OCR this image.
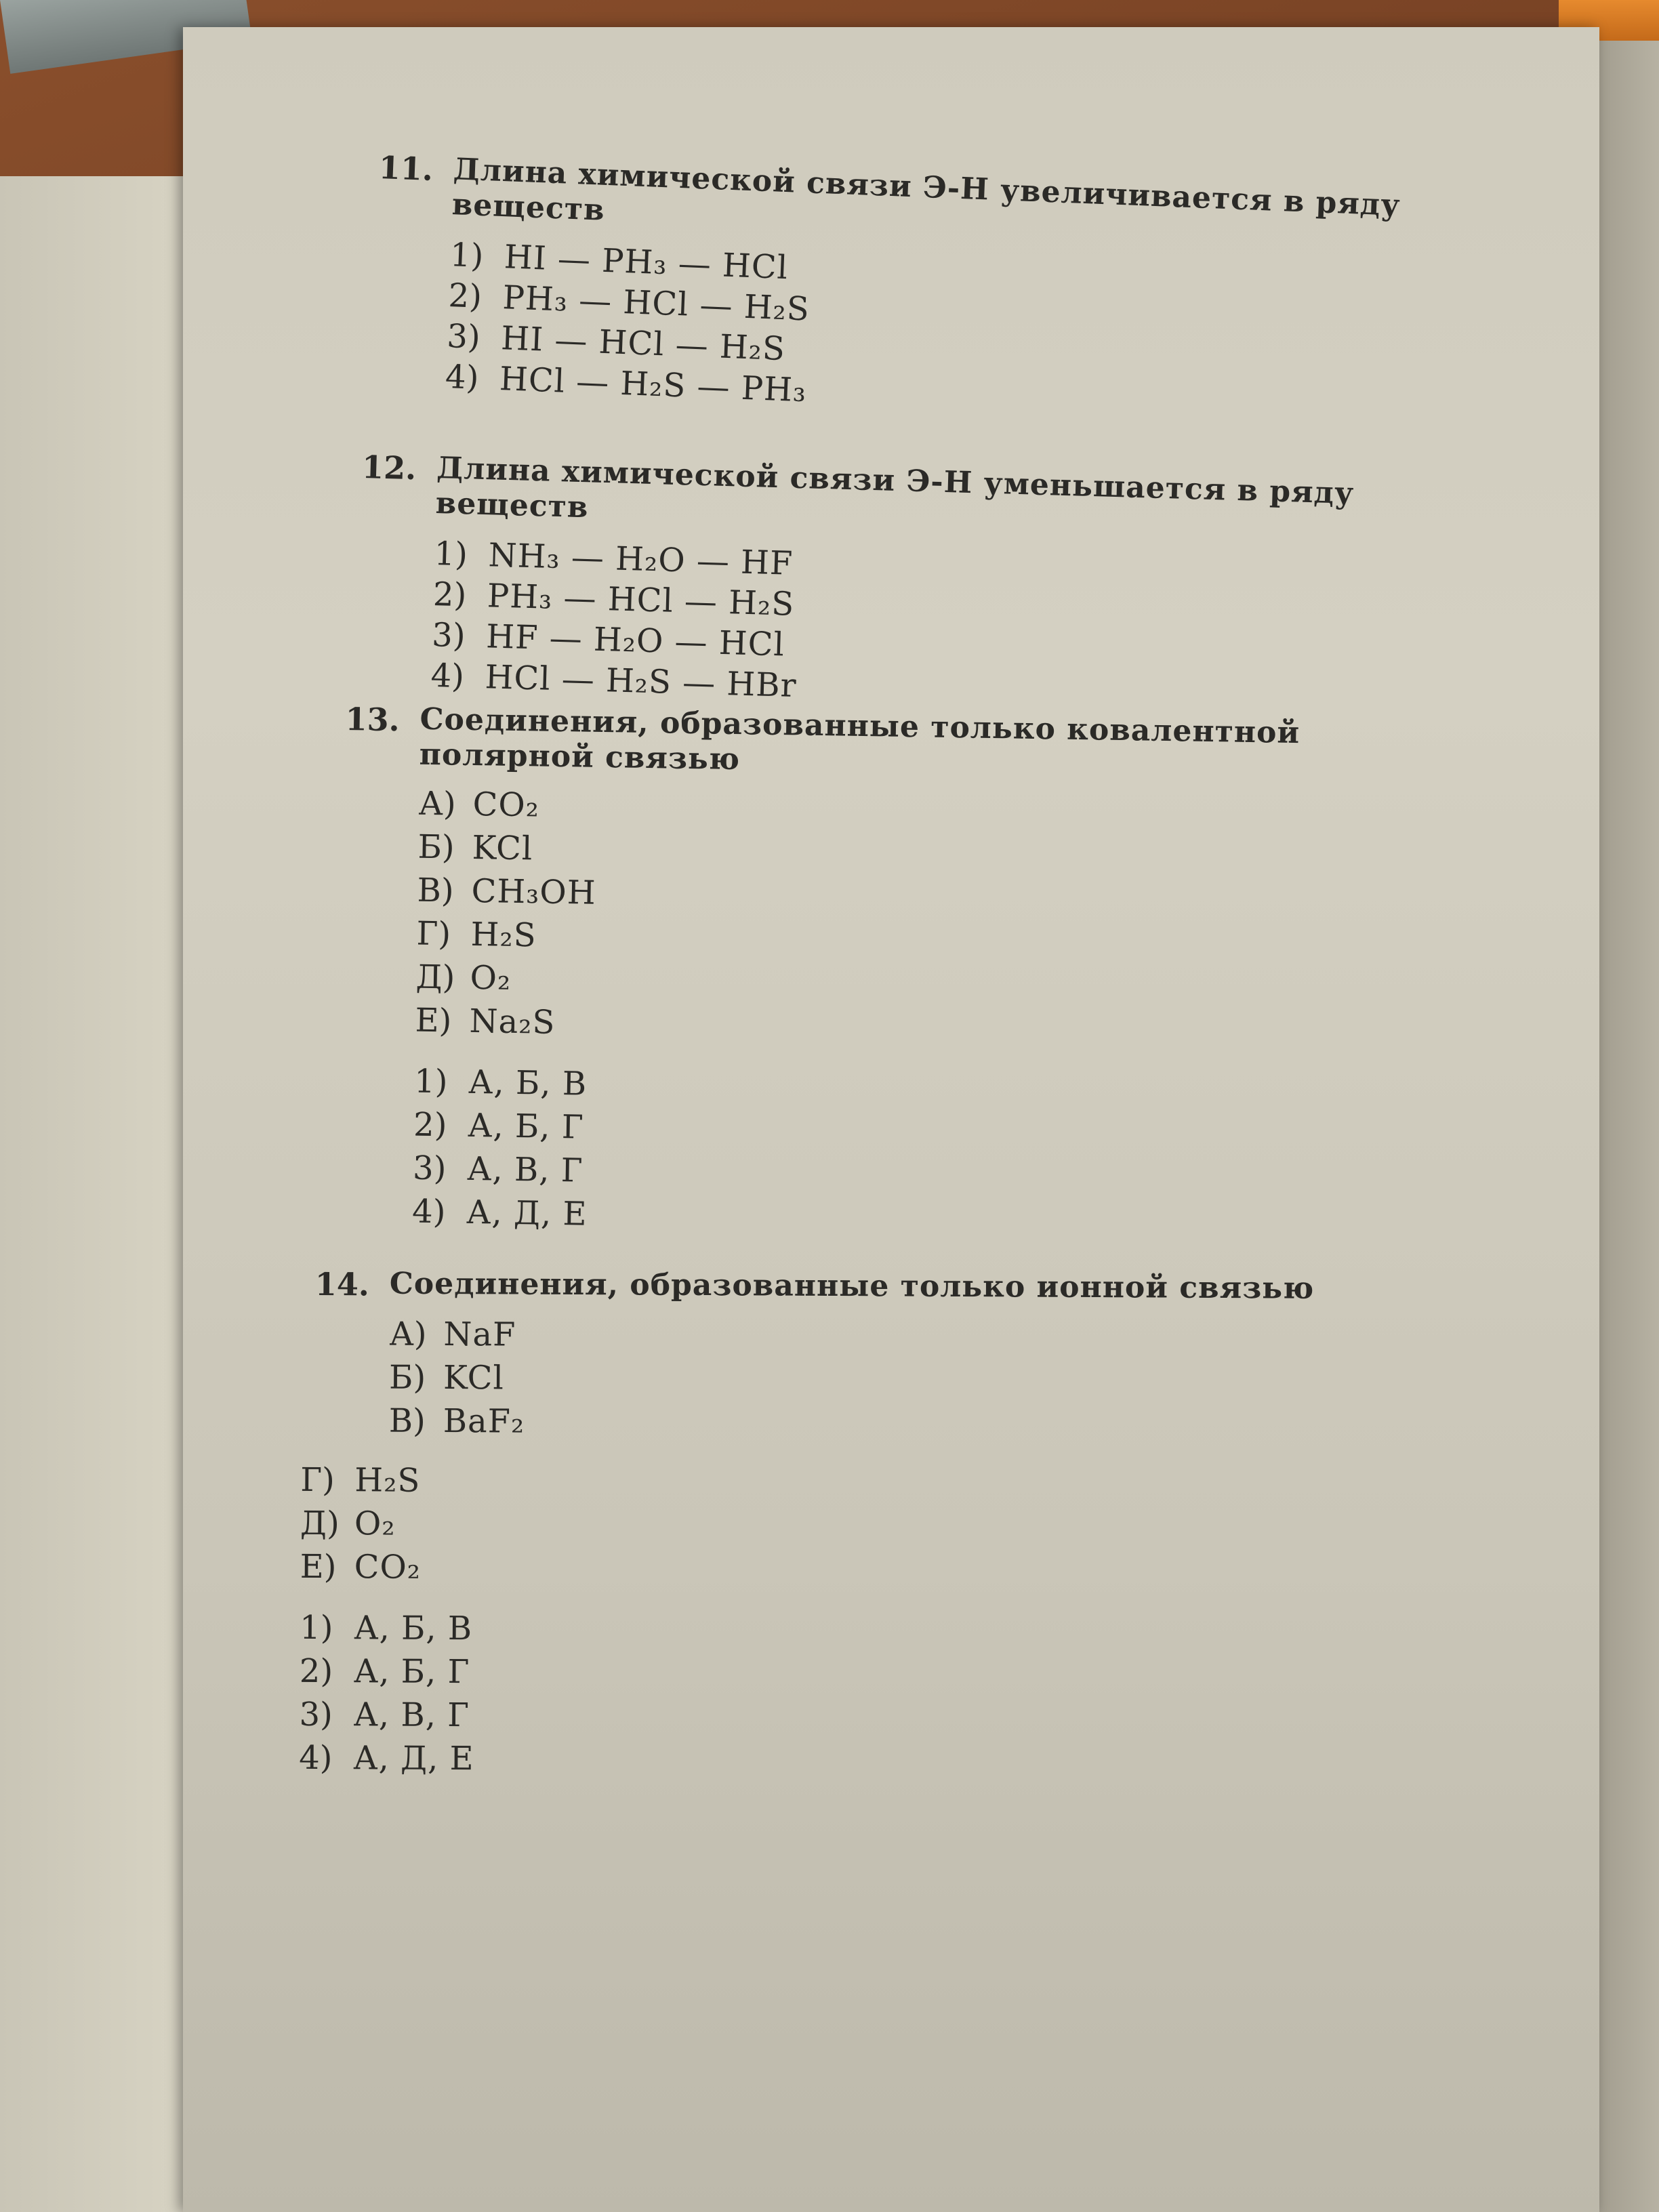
11. Длина химической связи Э-Н увеличивается в ряду веществ
1) HI — PH₃ — HCl
2) PH₃ — HCl — H₂S
3) HI — HCl — H₂S
4) HCl — H₂S — PH₃
12. Длина химической связи Э-Н уменьшается в ряду веществ
1) NH₃ — H₂O — HF
2) PH₃ — HCl — H₂S
3) HF — H₂O — HCl
4) HCl — H₂S — HBr
13. Соединения, образованные только ковалентной полярной связью
А) CO₂
Б) KCl
В) CH₃OH
Г) H₂S
Д) O₂
Е) Na₂S
1) А, Б, В
2) А, Б, Г
3) А, В, Г
4) А, Д, Е
14. Соединения, образованные только ионной связью
А) NaF
Б) KCl
В) BaF₂
Г) H₂S
Д) O₂
Е) CO₂
1) А, Б, В
2) А, Б, Г
3) А, В, Г
4) А, Д, Е
